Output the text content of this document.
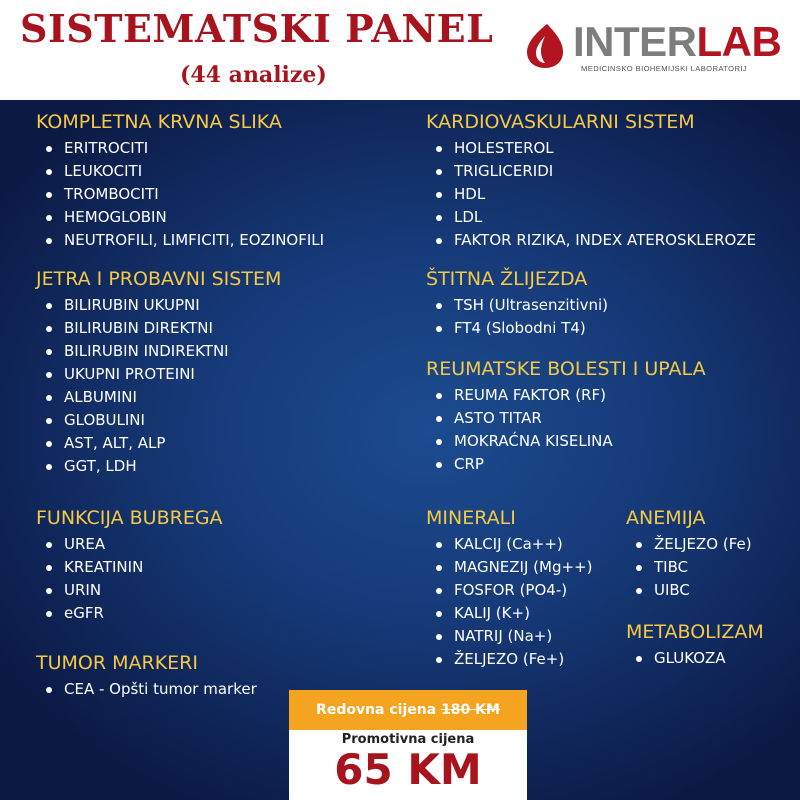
SISTEMATSKI PANEL
(44 analize)
INTERLAB
MEDICINSKO BIOHEMIJSKI LABORATORIJ
KOMPLETNA KRVNA SLIKA
ERITROCITI
LEUKOCITI
TROMBOCITI
HEMOGLOBIN
NEUTROFILI, LIMFICITI, EOZINOFILI
KARDIOVASKULARNI SISTEM
HOLESTEROL
TRIGLICERIDI
HDL
LDL
FAKTOR RIZIKA, INDEX ATEROSKLEROZE
JETRA I PROBAVNI SISTEM
BILIRUBIN UKUPNI
BILIRUBIN DIREKTNI
BILIRUBIN INDIREKTNI
UKUPNI PROTEINI
ALBUMINI
GLOBULINI
AST, ALT, ALP
GGT, LDH
ŠTITNA ŽLIJEZDA
TSH (Ultrasenzitivni)
FT4 (Slobodni T4)
REUMATSKE BOLESTI I UPALA
REUMA FAKTOR (RF)
ASTO TITAR
MOKRAĆNA KISELINA
CRP
FUNKCIJA BUBREGA
UREA
KREATININ
URIN
eGFR
MINERALI
KALCIJ (Ca++)
MAGNEZIJ (Mg++)
FOSFOR (PO4-)
KALIJ (K+)
NATRIJ (Na+)
ŽELJEZO (Fe+)
ANEMIJA
ŽELJEZO (Fe)
TIBC
UIBC
METABOLIZAM
GLUKOZA
TUMOR MARKERI
CEA - Opšti tumor marker
Redovna cijena 180 KM
Promotivna cijena
65 KM
